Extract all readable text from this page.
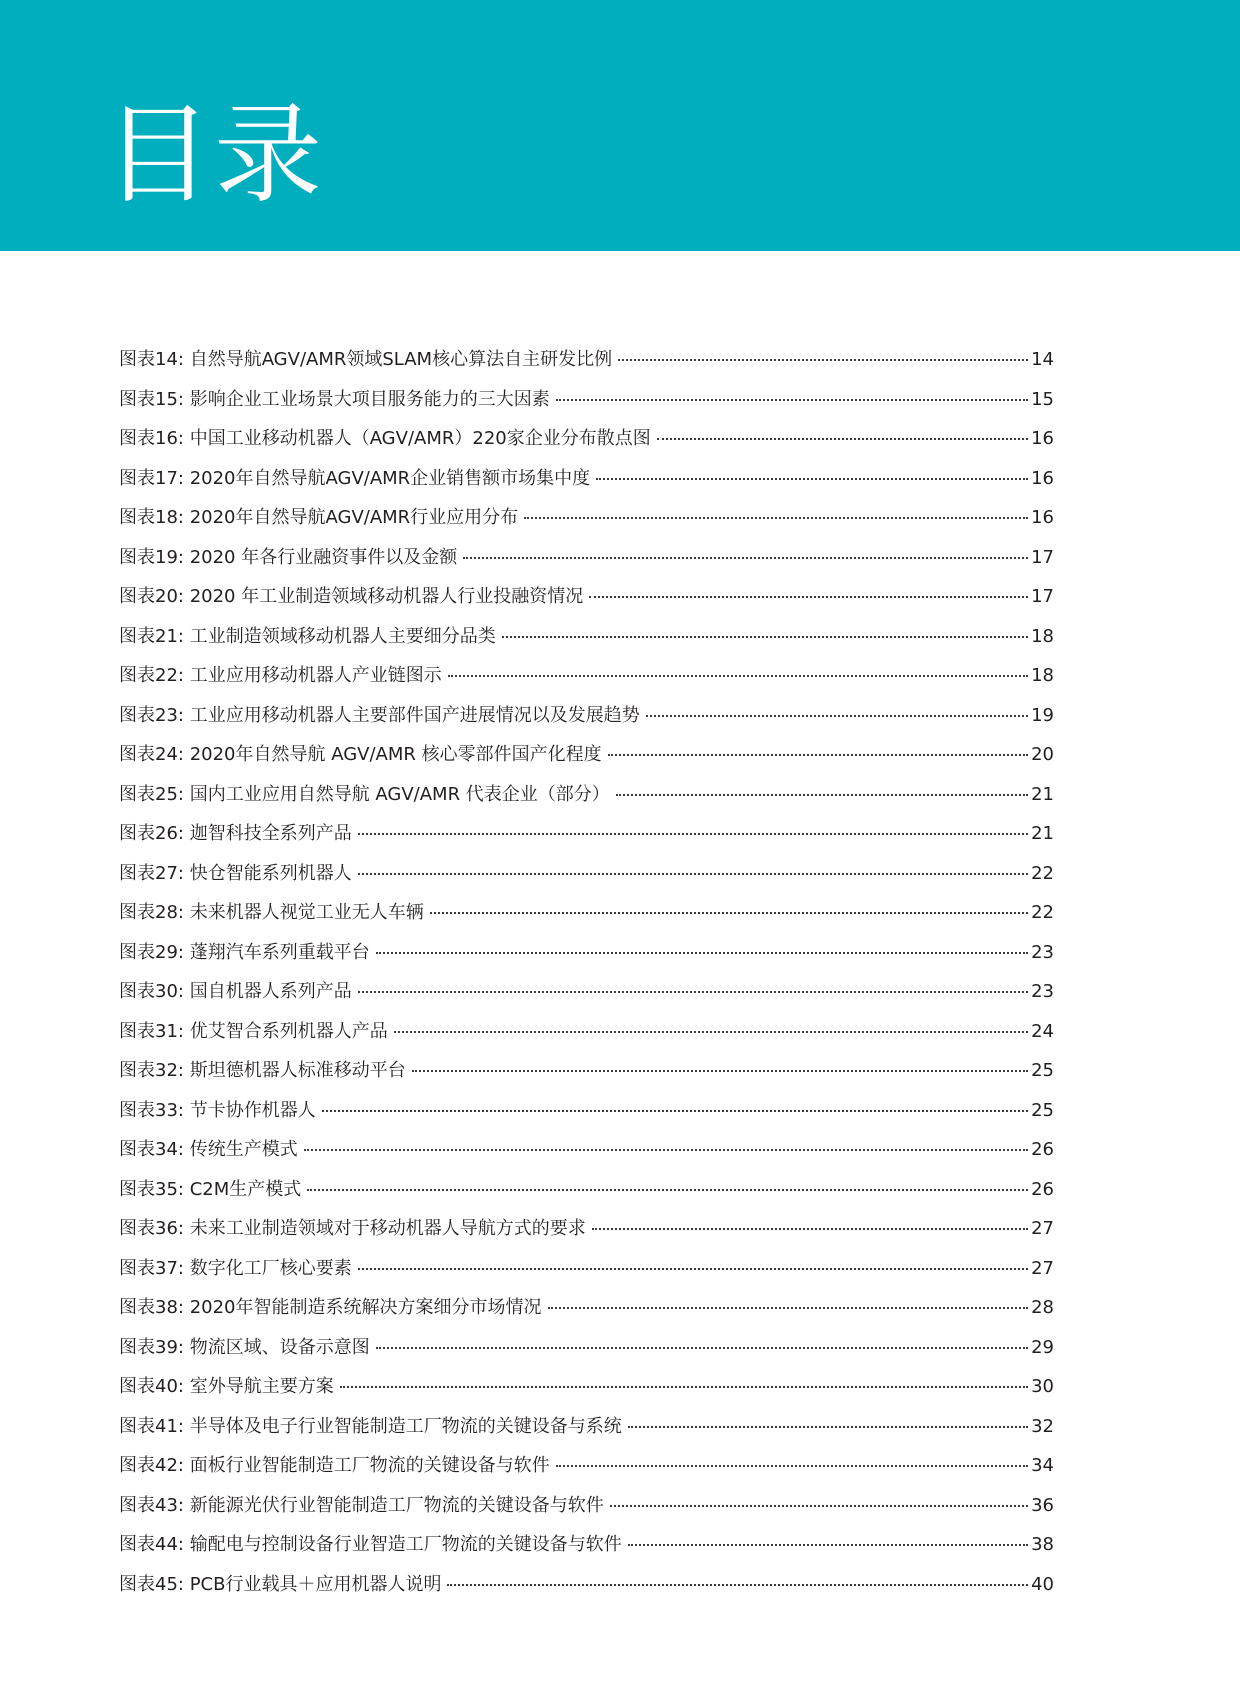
目录
图表14: 自然导航AGV/AMR领域SLAM核心算法自主研发比例	14
图表15: 影响企业工业场景大项目服务能力的三大因素	15
图表16: 中国工业移动机器人（AGV/AMR）220家企业分布散点图	16
图表17: 2020年自然导航AGV/AMR企业销售额市场集中度	16
图表18: 2020年自然导航AGV/AMR行业应用分布	16
图表19: 2020 年各行业融资事件以及金额	17
图表20: 2020 年工业制造领域移动机器人行业投融资情况	17
图表21: 工业制造领域移动机器人主要细分品类	18
图表22: 工业应用移动机器人产业链图示	18
图表23: 工业应用移动机器人主要部件国产进展情况以及发展趋势	19
图表24: 2020年自然导航 AGV/AMR 核心零部件国产化程度	20
图表25: 国内工业应用自然导航 AGV/AMR 代表企业（部分）	21
图表26: 迦智科技全系列产品	21
图表27: 快仓智能系列机器人	22
图表28: 未来机器人视觉工业无人车辆	22
图表29: 蓬翔汽车系列重载平台	23
图表30: 国自机器人系列产品	23
图表31: 优艾智合系列机器人产品	24
图表32: 斯坦德机器人标准移动平台	25
图表33: 节卡协作机器人	25
图表34: 传统生产模式	26
图表35: C2M生产模式	26
图表36: 未来工业制造领域对于移动机器人导航方式的要求	27
图表37: 数字化工厂核心要素	27
图表38: 2020年智能制造系统解决方案细分市场情况	28
图表39: 物流区域、设备示意图	29
图表40: 室外导航主要方案	30
图表41: 半导体及电子行业智能制造工厂物流的关键设备与系统	32
图表42: 面板行业智能制造工厂物流的关键设备与软件	34
图表43: 新能源光伏行业智能制造工厂物流的关键设备与软件	36
图表44: 输配电与控制设备行业智造工厂物流的关键设备与软件	38
图表45: PCB行业载具＋应用机器人说明	40
